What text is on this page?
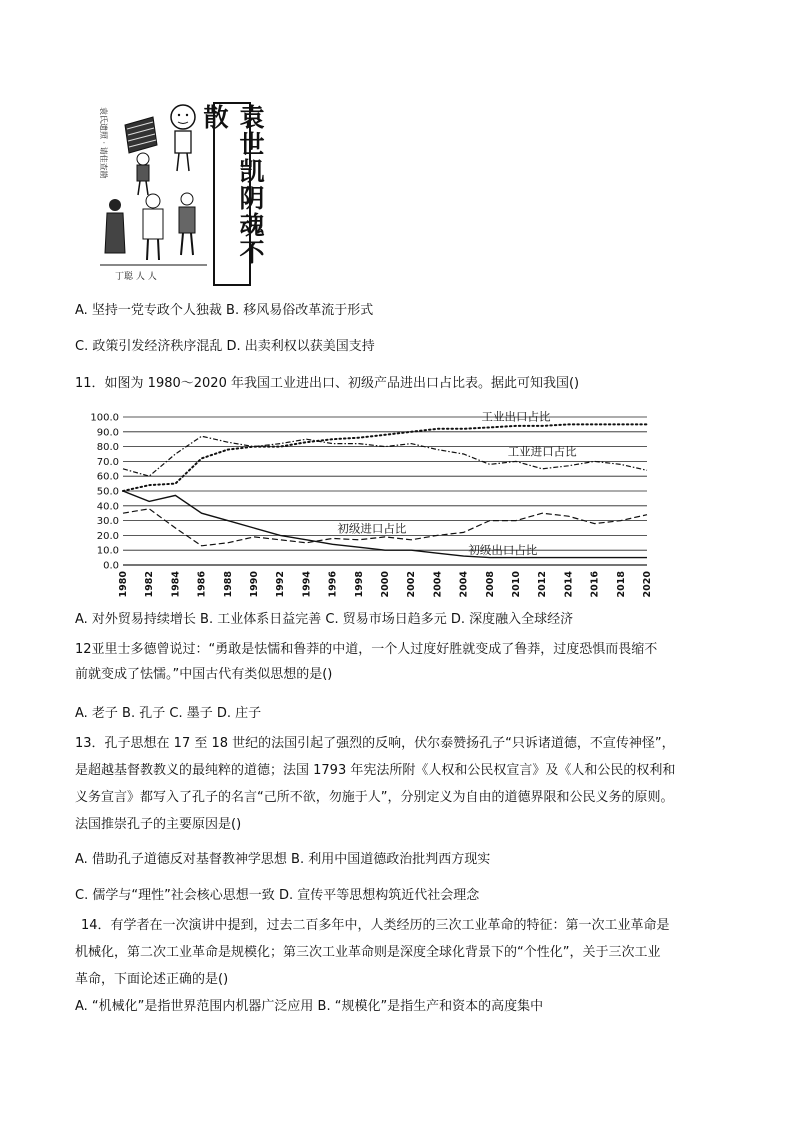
袁氏遗照 · 请佳查勘
丁聪 人 人
袁世凯阴魂不散
A. 坚持一党专政个人独裁 B. 移风易俗改革流于形式
C. 政策引发经济秩序混乱 D. 出卖利权以获美国支持
11．如图为 1980～2020 年我国工业进出口、初级产品进出口占比表。据此可知我国()
100.0
90.0
80.0
70.0
60.0
50.0
40.0
30.0
20.0
10.0
0.0
1980 1982 1984 1986 1988 1990 1992 1994 1996 1998 2000 2002 2004 2004 2008 2010 2012 2014 2016 2018 2020
工业出口占比
工业进口占比
初级进口占比
初级出口占比
A. 对外贸易持续增长 B. 工业体系日益完善 C. 贸易市场日趋多元 D. 深度融入全球经济
12亚里士多德曾说过：“勇敢是怯懦和鲁莽的中道，一个人过度好胜就变成了鲁莽，过度恐惧而畏缩不
前就变成了怯懦。”中国古代有类似思想的是()
A. 老子 B. 孔子 C. 墨子 D. 庄子
13．孔子思想在 17 至 18 世纪的法国引起了强烈的反响，伏尔泰赞扬孔子“只诉诸道德，不宣传神怪”，
是超越基督教教义的最纯粹的道德；法国 1793 年宪法所附《人权和公民权宣言》及《人和公民的权利和
义务宣言》都写入了孔子的名言“己所不欲，勿施于人”，分别定义为自由的道德界限和公民义务的原则。
法国推崇孔子的主要原因是()
A. 借助孔子道德反对基督教神学思想 B. 利用中国道德政治批判西方现实
C. 儒学与“理性”社会核心思想一致 D. 宣传平等思想构筑近代社会理念
14．有学者在一次演讲中提到，过去二百多年中，人类经历的三次工业革命的特征：第一次工业革命是
机械化，第二次工业革命是规模化；第三次工业革命则是深度全球化背景下的“个性化”，关于三次工业
革命，下面论述正确的是()
A. “机械化”是指世界范围内机器广泛应用 B. “规模化”是指生产和资本的高度集中
